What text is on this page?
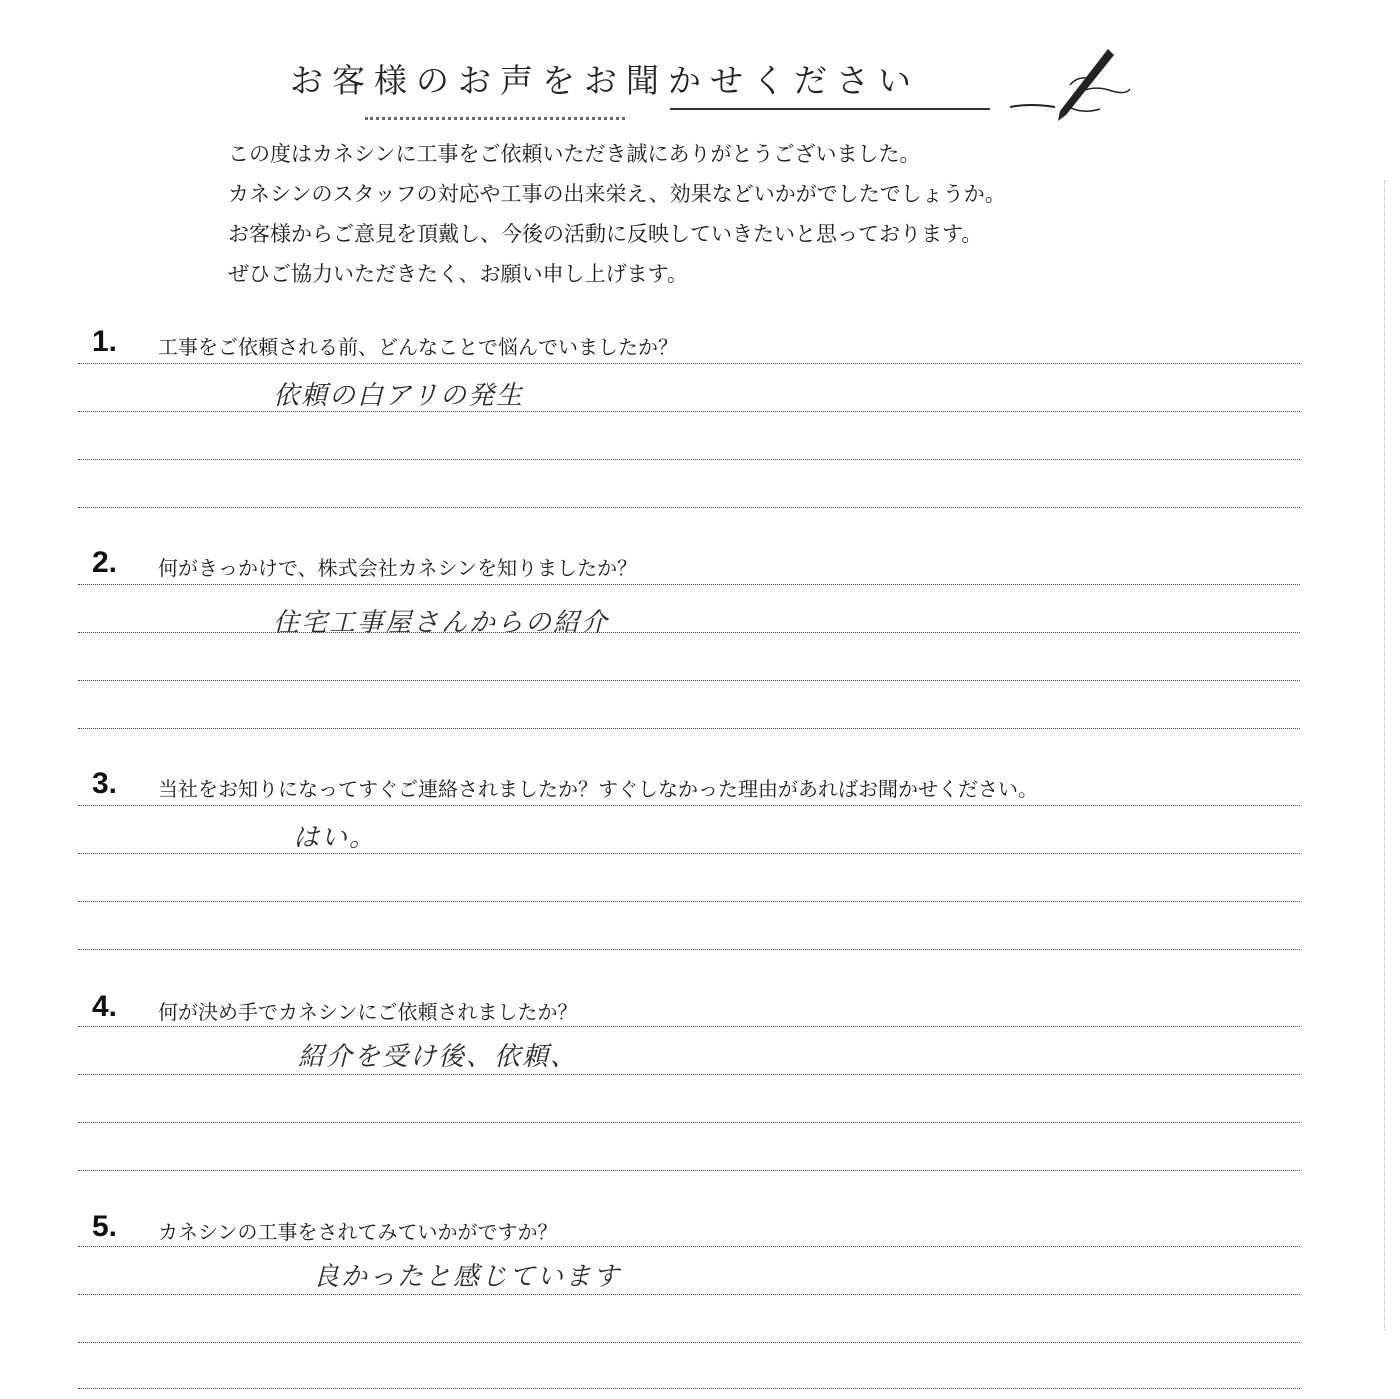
お客様のお声をお聞かせください

この度はカネシンに工事をご依頼いただき誠にありがとうございました。

カネシンのスタッフの対応や工事の出来栄え、効果などいかがでしたでしょうか。

お客様からご意見を頂戴し、今後の活動に反映していきたいと思っております。

ぜひご協力いただきたく、お願い申し上げます。

1. 工事をご依頼される前、どんなことで悩んでいましたか？
依頼の白アリの発生
2. 何がきっかけで、株式会社カネシンを知りましたか？
住宅工事屋さんからの紹介
3. 当社をお知りになってすぐご連絡されましたか？すぐしなかった理由があればお聞かせください。
はい。
4. 何が決め手でカネシンにご依頼されましたか？
紹介を受け後、依頼、
5. カネシンの工事をされてみていかがですか？
良かったと感じています
